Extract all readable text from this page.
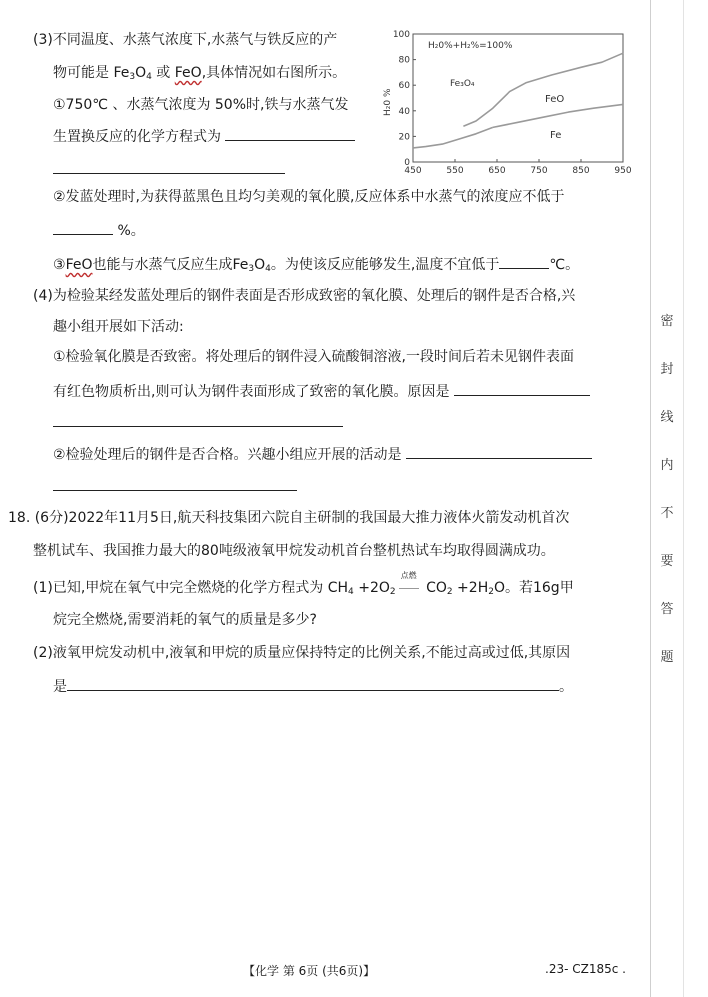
(3)不同温度、水蒸气浓度下,水蒸气与铁反应的产
物可能是 $Fe_3O_4$ 或 FeO,具体情况如右图所示。
①750℃ 、水蒸气浓度为 50%时,铁与水蒸气发
生置换反应的化学方程式为
0
20
40
60
80
100
450	550	650	750	850	950
H₂0%+H₂%=100%
H₂0 %
Fe₃O₄
FeO
Fe
②发蓝处理时,为获得蓝黑色且均匀美观的氧化膜,反应体系中水蒸气的浓度应不低于
%。
③FeO也能与水蒸气反应生成$Fe_3O_4$。为使该反应能够发生,温度不宜低于	℃。
(4)为检验某经发蓝处理后的钢件表面是否形成致密的氧化膜、处理后的钢件是否合格,兴
趣小组开展如下活动:
①检验氧化膜是否致密。将处理后的钢件浸入硫酸铜溶液,一段时间后若未见钢件表面
有红色物质析出,则可认为钢件表面形成了致密的氧化膜。原因是
②检验处理后的钢件是否合格。兴趣小组应开展的活动是
18. (6分)2022年11月5日,航天科技集团六院自主研制的我国最大推力液体火箭发动机首次
整机试车、我国推力最大的80吨级液氧甲烷发动机首台整机热试车均取得圆满成功。
(1)已知,甲烷在氧气中完全燃烧的化学方程式为 $CH_4 +2O_2$
点燃
$CO_2 +2H_2O$。若16g甲
烷完全燃烧,需要消耗的氧气的质量是多少?
(2)液氧甲烷发动机中,液氧和甲烷的质量应保持特定的比例关系,不能过高或过低,其原因
是	。
密
封
线
内
不
要
答
题
【化学 第 6页 (共6页)】	.23- CZ185c .
